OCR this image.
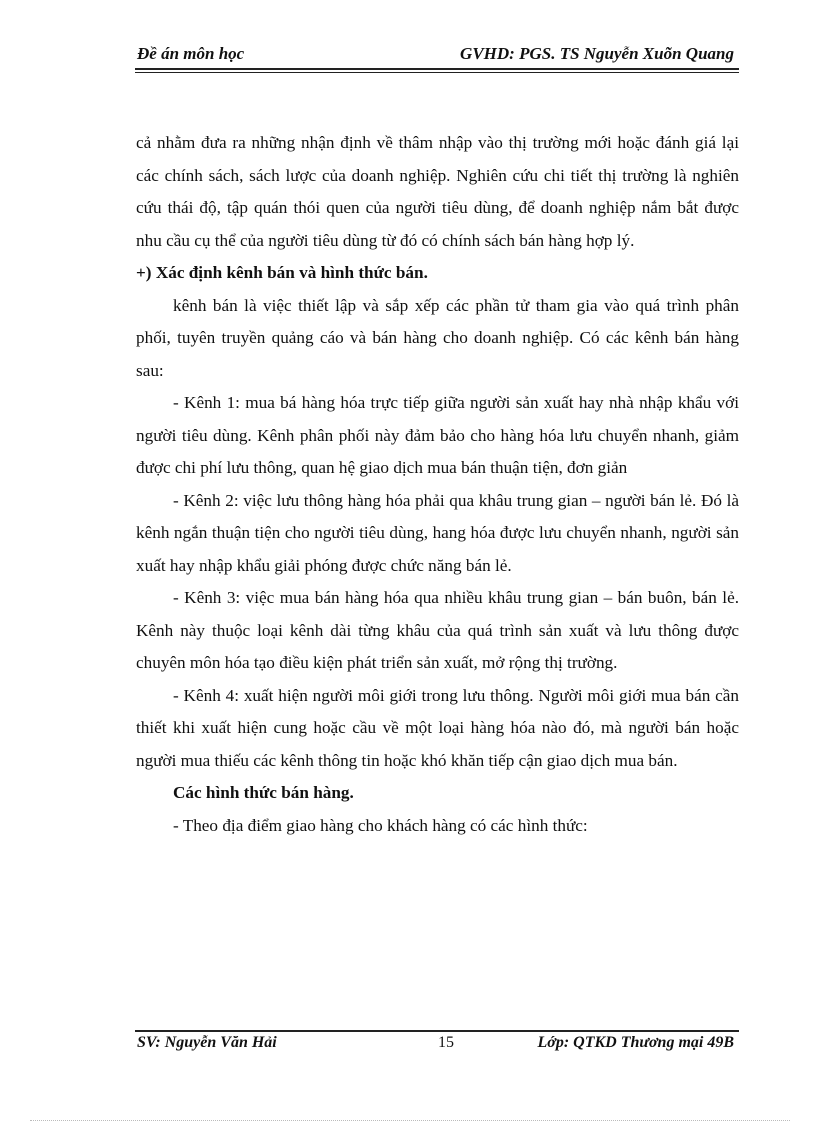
Đề án môn học	GVHD: PGS. TS Nguyễn Xuõn Quang

cả nhằm đưa ra những nhận định về thâm nhập vào thị trường mới hoặc đánh giá lại các chính sách, sách lược của doanh nghiệp. Nghiên cứu chi tiết thị trường là nghiên cứu thái độ, tập quán thói quen của người tiêu dùng, để doanh nghiệp nắm bắt được nhu cầu cụ thể của người tiêu dùng từ đó có chính sách bán hàng hợp lý.

+) Xác định kênh bán và hình thức bán.

kênh bán là việc thiết lập và sắp xếp các phần tử tham gia vào quá trình phân phối, tuyên truyền quảng cáo và bán hàng cho doanh nghiệp. Có các kênh bán hàng sau:

- Kênh 1: mua bá hàng hóa trực tiếp giữa người sản xuất hay nhà nhập khẩu với người tiêu dùng. Kênh phân phối này đảm bảo cho hàng hóa lưu chuyển nhanh, giảm được chi phí lưu thông, quan hệ giao dịch mua bán thuận tiện, đơn giản

- Kênh 2: việc lưu thông hàng hóa phải qua khâu trung gian – người bán lẻ. Đó là kênh ngắn thuận tiện cho người tiêu dùng, hang hóa được lưu chuyển nhanh, người sản xuất hay nhập khẩu giải phóng được chức năng bán lẻ.

- Kênh 3: việc mua bán hàng hóa qua nhiều khâu trung gian – bán buôn, bán lẻ. Kênh này thuộc loại kênh dài từng khâu của quá trình sản xuất và lưu thông được chuyên môn hóa tạo điều kiện phát triển sản xuất, mở rộng thị trường.

- Kênh 4: xuất hiện người môi giới trong lưu thông. Người môi giới mua bán cần thiết khi xuất hiện cung hoặc cầu về một loại hàng hóa nào đó, mà người bán hoặc người mua thiếu các kênh thông tin hoặc khó khăn tiếp cận giao dịch mua bán.

Các hình thức bán hàng.

- Theo địa điểm giao hàng cho khách hàng có các hình thức:

SV: Nguyễn Văn Hải	15	Lớp: QTKD Thương mại 49B
